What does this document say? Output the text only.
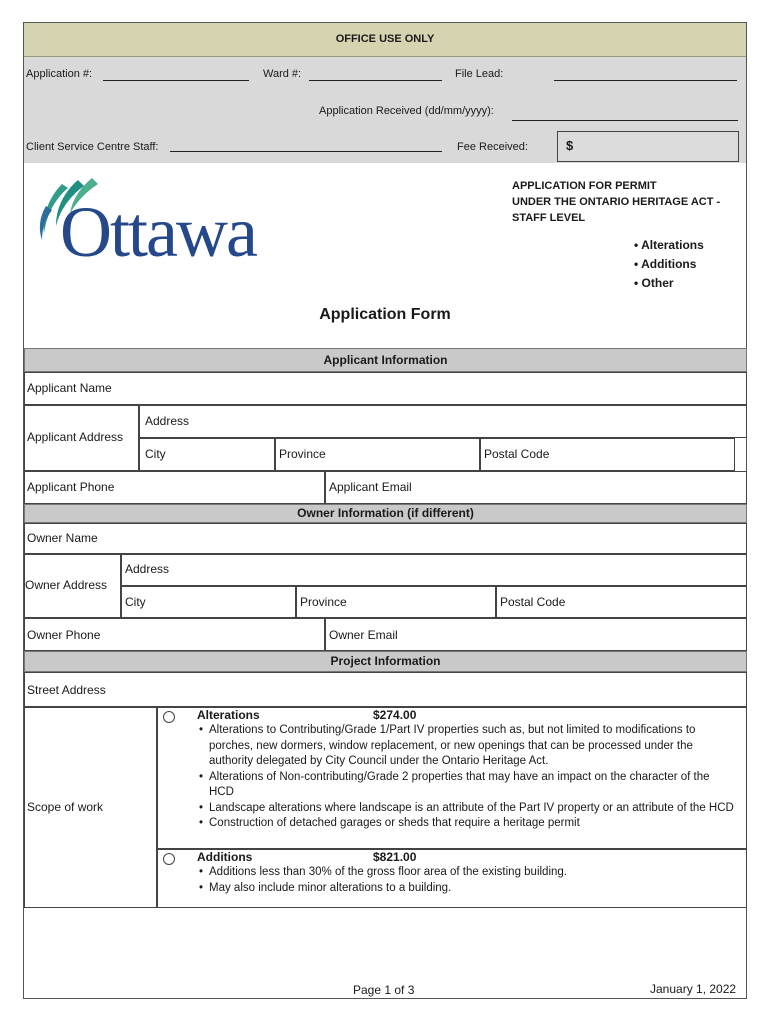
OFFICE USE ONLY
Application #:	Ward #:	File Lead:
Application Received (dd/mm/yyyy):
Client Service Centre Staff:	Fee Received:	$
Ottawa
APPLICATION FOR PERMIT
UNDER THE ONTARIO HERITAGE ACT -
STAFF LEVEL
• Alterations
• Additions
• Other
Application Form
Applicant Information
Applicant Name
Applicant Address
Address
City	Province	Postal Code
Applicant Phone	Applicant Email
Owner Information (if different)
Owner Name
Owner Address
Address
City	Province	Postal Code
Owner Phone	Owner Email
Project Information
Street Address
Scope of work
Alterations	$274.00
• Alterations to Contributing/Grade 1/Part IV properties such as, but not limited to modifications to porches, new dormers, window replacement, or new openings that can be processed under the authority delegated by City Council under the Ontario Heritage Act.
• Alterations of Non-contributing/Grade 2 properties that may have an impact on the character of the HCD
• Landscape alterations where landscape is an attribute of the Part IV property or an attribute of the HCD
• Construction of detached garages or sheds that require a heritage permit
Additions	$821.00
• Additions less than 30% of the gross floor area of the existing building.
• May also include minor alterations to a building.
Page 1 of 3	January 1, 2022
